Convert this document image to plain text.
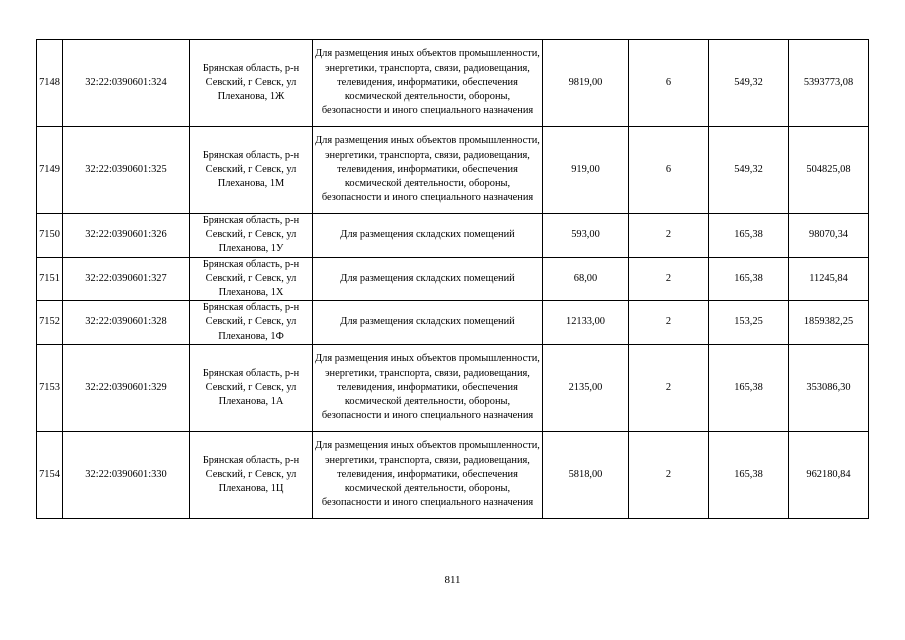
7148	32:22:0390601:324	Брянская область, р-н Севский, г Севск, ул Плеханова, 1Ж	Для размещения иных объектов промышленности, энергетики, транспорта, связи, радиовещания, телевидения, информатики, обеспечения космической деятельности, обороны, безопасности и иного специального назначения	9819,00	6	549,32	5393773,08
7149	32:22:0390601:325	Брянская область, р-н Севский, г Севск, ул Плеханова, 1М	Для размещения иных объектов промышленности, энергетики, транспорта, связи, радиовещания, телевидения, информатики, обеспечения космической деятельности, обороны, безопасности и иного специального назначения	919,00	6	549,32	504825,08
7150	32:22:0390601:326	Брянская область, р-н Севский, г Севск, ул Плеханова, 1У	Для размещения складских помещений	593,00	2	165,38	98070,34
7151	32:22:0390601:327	Брянская область, р-н Севский, г Севск, ул Плеханова, 1Х	Для размещения складских помещений	68,00	2	165,38	11245,84
7152	32:22:0390601:328	Брянская область, р-н Севский, г Севск, ул Плеханова, 1Ф	Для размещения складских помещений	12133,00	2	153,25	1859382,25
7153	32:22:0390601:329	Брянская область, р-н Севский, г Севск, ул Плеханова, 1А	Для размещения иных объектов промышленности, энергетики, транспорта, связи, радиовещания, телевидения, информатики, обеспечения космической деятельности, обороны, безопасности и иного специального назначения	2135,00	2	165,38	353086,30
7154	32:22:0390601:330	Брянская область, р-н Севский, г Севск, ул Плеханова, 1Ц	Для размещения иных объектов промышленности, энергетики, транспорта, связи, радиовещания, телевидения, информатики, обеспечения космической деятельности, обороны, безопасности и иного специального назначения	5818,00	2	165,38	962180,84
811
